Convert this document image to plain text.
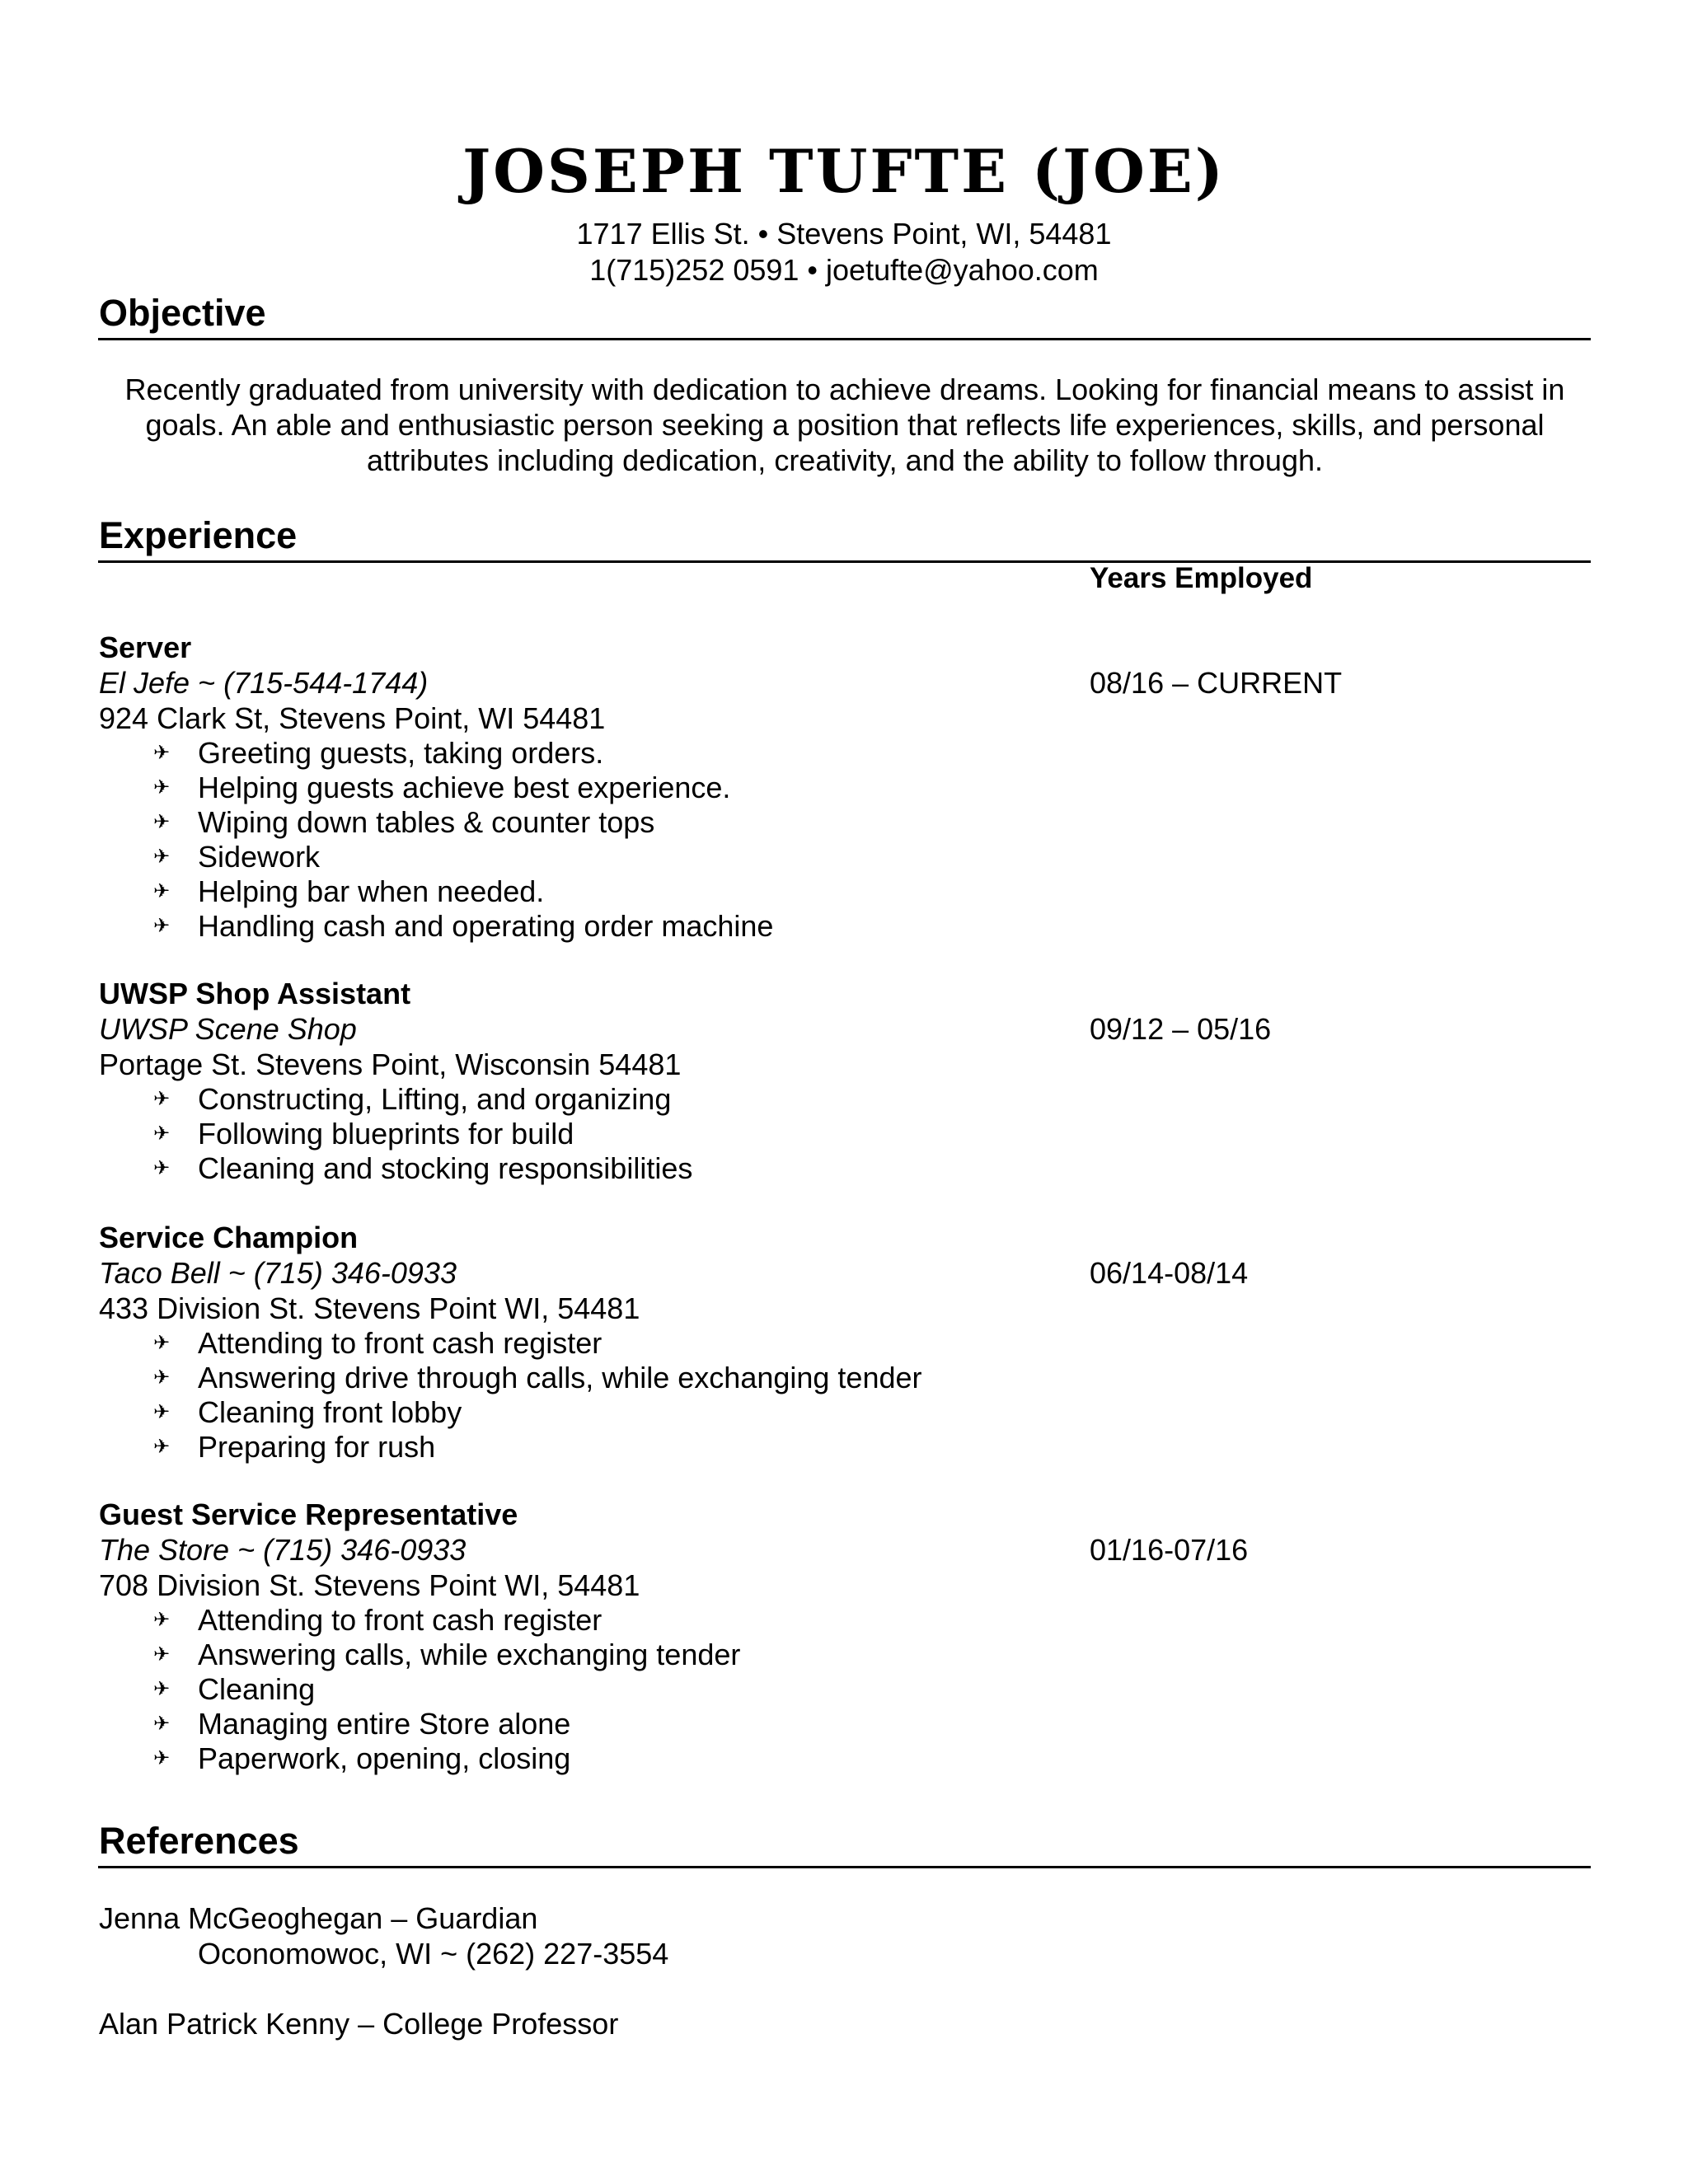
JOSEPH TUFTE (JOE)
1717 Ellis St. • Stevens Point, WI, 54481
1(715)252 0591 • joetufte@yahoo.com
Objective
Recently graduated from university with dedication to achieve dreams. Looking for financial means to assist in goals. An able and enthusiastic person seeking a position that reflects life experiences, skills, and personal attributes including dedication, creativity, and the ability to follow through.
Experience
Years Employed
Server
El Jefe ~ (715-544-1744)	08/16 – CURRENT
924 Clark St, Stevens Point, WI 54481
✈ Greeting guests, taking orders.
✈ Helping guests achieve best experience.
✈ Wiping down tables & counter tops
✈ Sidework
✈ Helping bar when needed.
✈ Handling cash and operating order machine
UWSP Shop Assistant
UWSP Scene Shop	09/12 – 05/16
Portage St. Stevens Point, Wisconsin 54481
✈ Constructing, Lifting, and organizing
✈ Following blueprints for build
✈ Cleaning and stocking responsibilities
Service Champion
Taco Bell ~ (715) 346-0933	06/14-08/14
433 Division St. Stevens Point WI, 54481
✈ Attending to front cash register
✈ Answering drive through calls, while exchanging tender
✈ Cleaning front lobby
✈ Preparing for rush
Guest Service Representative
The Store ~ (715) 346-0933	01/16-07/16
708 Division St. Stevens Point WI, 54481
✈ Attending to front cash register
✈ Answering calls, while exchanging tender
✈ Cleaning
✈ Managing entire Store alone
✈ Paperwork, opening, closing
References
Jenna McGeoghegan – Guardian
Oconomowoc, WI ~ (262) 227-3554
Alan Patrick Kenny – College Professor
